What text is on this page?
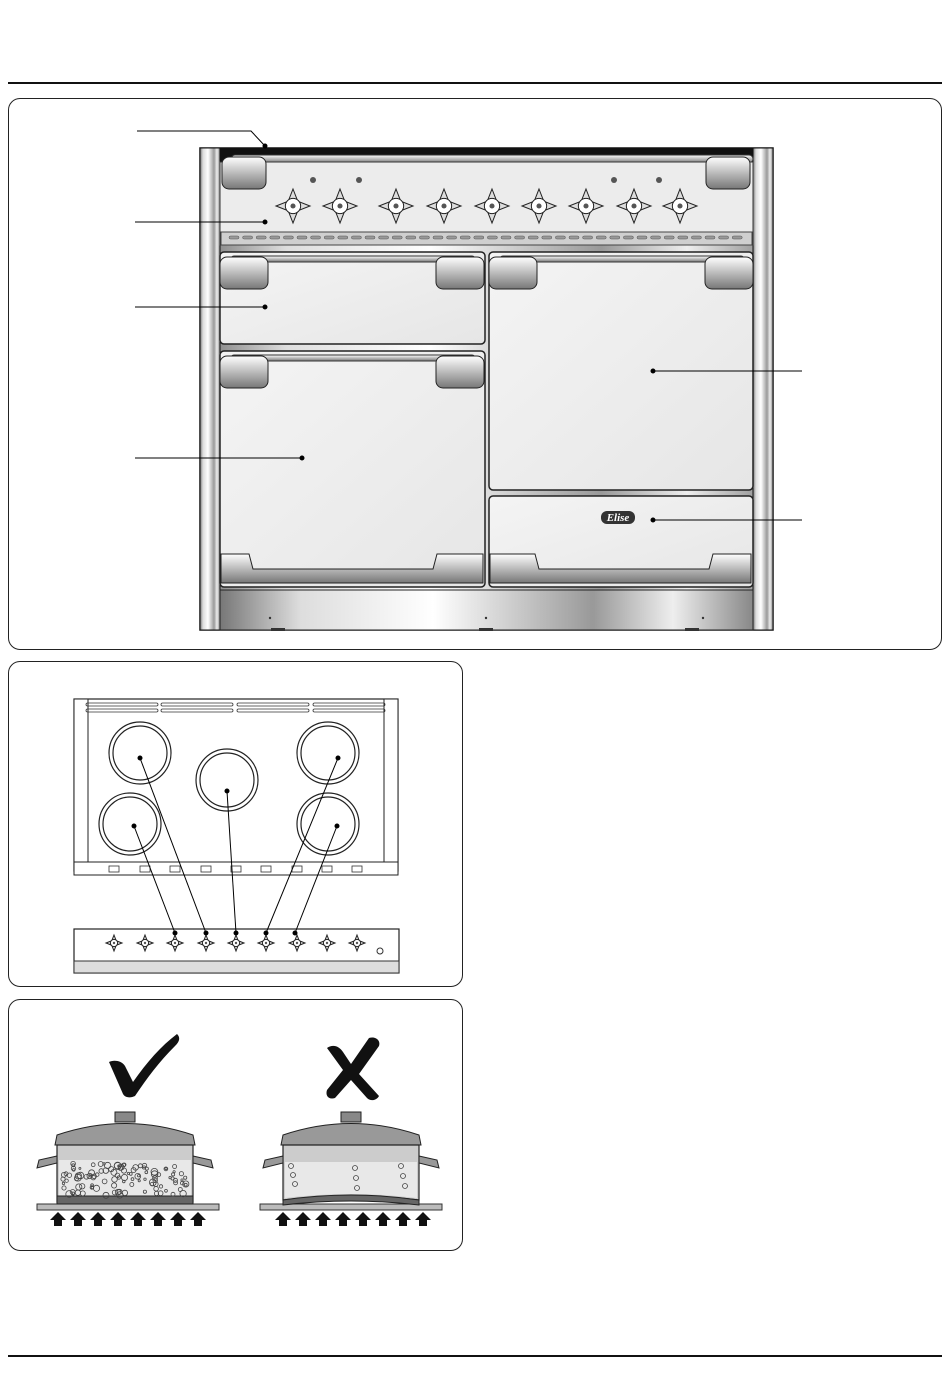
Elise
